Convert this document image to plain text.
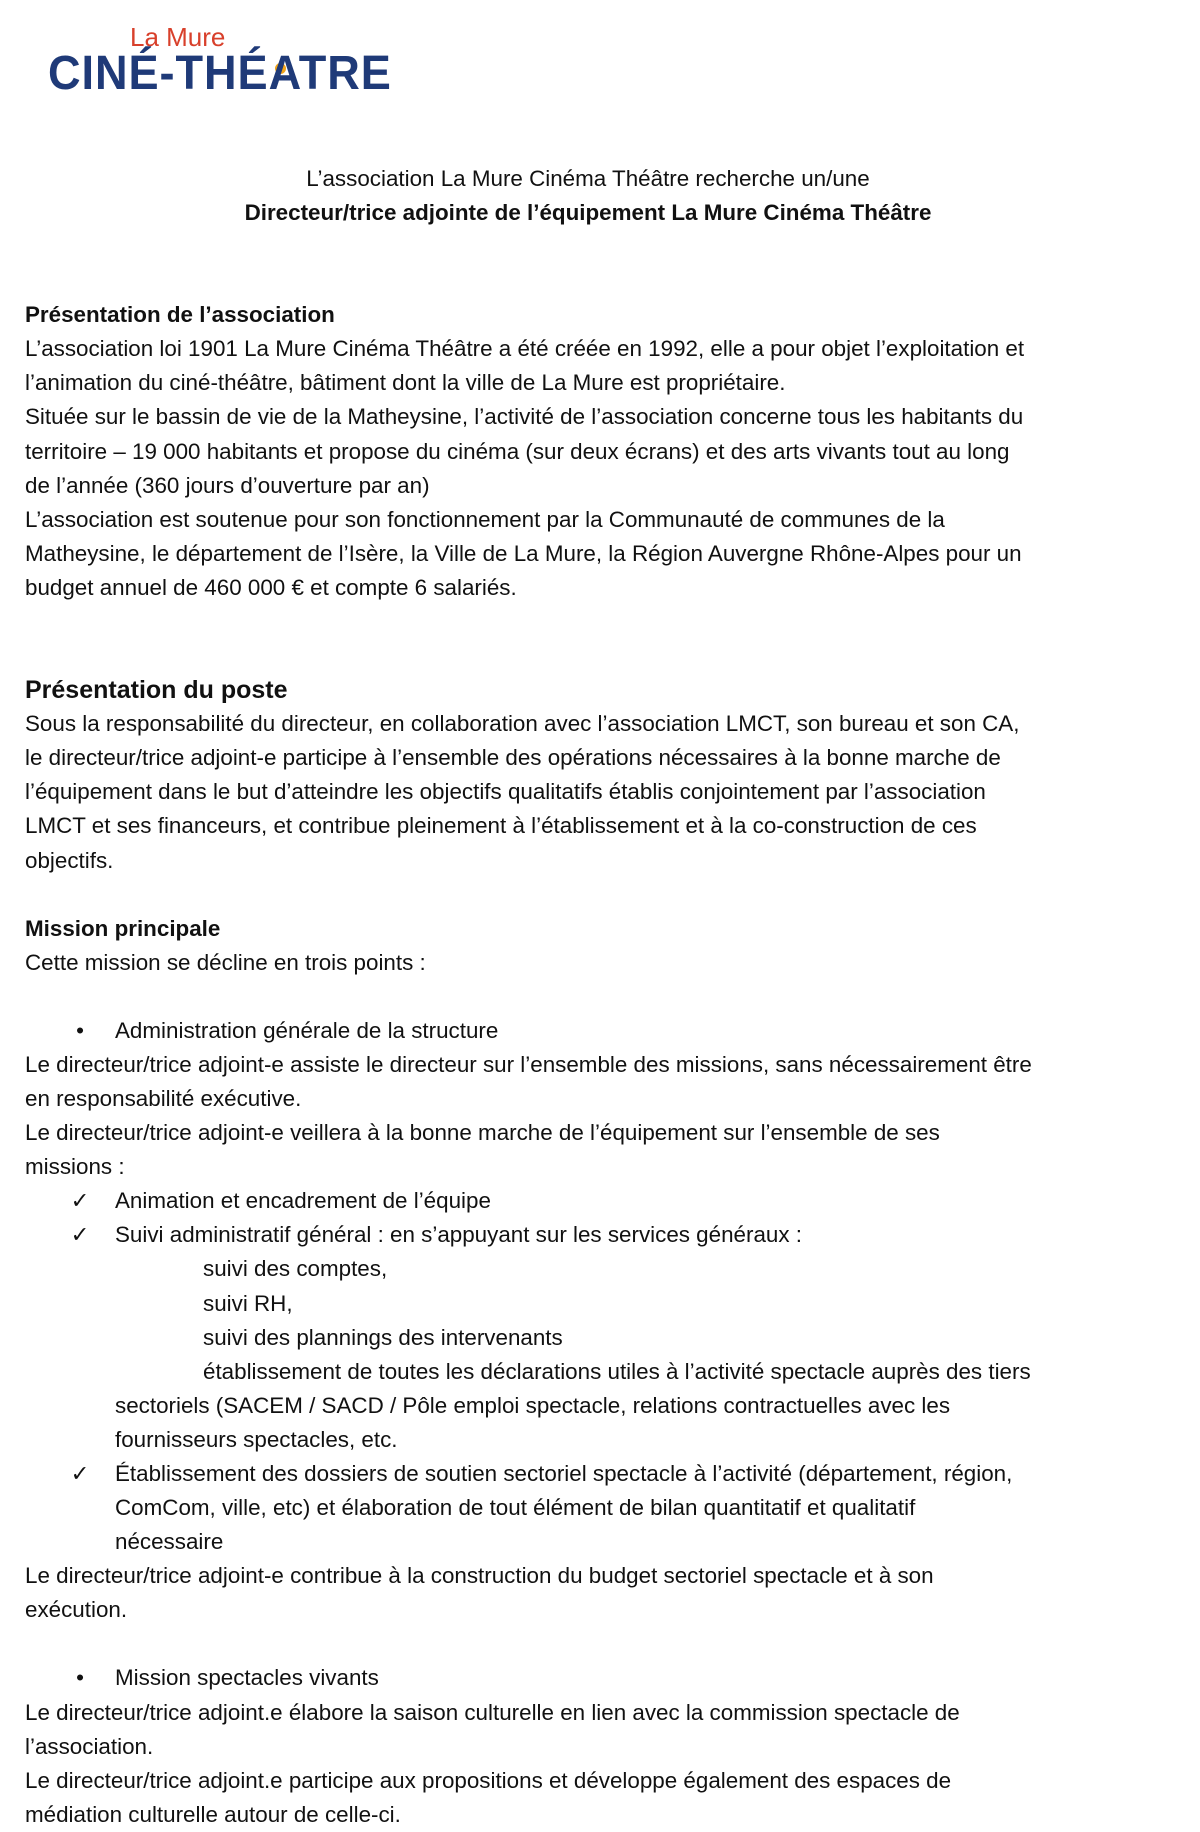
La Mure
CINÉ-THÉATRE

L’association La Mure Cinéma Théâtre recherche un/une

Directeur/trice adjointe de l’équipement La Mure Cinéma Théâtre

Présentation de l’association

L’association loi 1901 La Mure Cinéma Théâtre a été créée en 1992, elle a pour objet l’exploitation et

l’animation du ciné-théâtre, bâtiment dont la ville de La Mure est propriétaire.

Située sur le bassin de vie de la Matheysine, l’activité de l’association concerne tous les habitants du

territoire – 19 000 habitants et propose du cinéma (sur deux écrans) et des arts vivants tout au long

de l’année (360 jours d’ouverture par an)

L’association est soutenue pour son fonctionnement par la Communauté de communes de la

Matheysine, le département de l’Isère, la Ville de La Mure, la Région Auvergne Rhône-Alpes pour un

budget annuel de 460 000 € et compte 6 salariés.

Présentation du poste

Sous la responsabilité du directeur, en collaboration avec l’association LMCT, son bureau et son CA,

le directeur/trice adjoint-e participe à l’ensemble des opérations nécessaires à la bonne marche de

l’équipement dans le but d’atteindre les objectifs qualitatifs établis conjointement par l’association

LMCT et ses financeurs, et contribue pleinement à l’établissement et à la co-construction de ces

objectifs.

Mission principale

Cette mission se décline en trois points :

•	Administration générale de la structure

Le directeur/trice adjoint-e assiste le directeur sur l’ensemble des missions, sans nécessairement être

en responsabilité exécutive.

Le directeur/trice adjoint-e veillera à la bonne marche de l’équipement sur l’ensemble de ses

missions :

✓ Animation et encadrement de l’équipe
✓ Suivi administratif général : en s’appuyant sur les services généraux :

suivi des comptes,

suivi RH,

suivi des plannings des intervenants

établissement de toutes les déclarations utiles à l’activité spectacle auprès des tiers

sectoriels (SACEM / SACD / Pôle emploi spectacle, relations contractuelles avec les

fournisseurs spectacles, etc.

✓ Établissement des dossiers de soutien sectoriel spectacle à l’activité (département, région,

ComCom, ville, etc) et élaboration de tout élément de bilan quantitatif et qualitatif

nécessaire

Le directeur/trice adjoint-e contribue à la construction du budget sectoriel spectacle et à son

exécution.

•	Mission spectacles vivants

Le directeur/trice adjoint.e élabore la saison culturelle en lien avec la commission spectacle de

l’association.

Le directeur/trice adjoint.e participe aux propositions et développe également des espaces de

médiation culturelle autour de celle-ci.
